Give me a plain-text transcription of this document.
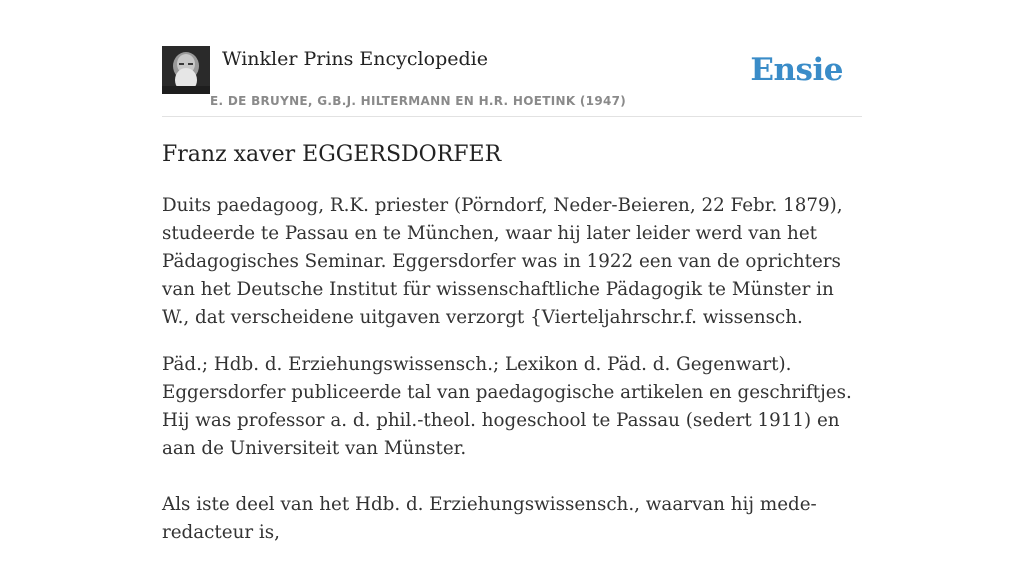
Winkler Prins Encyclopedie
E. DE BRUYNE, G.B.J. HILTERMANN EN H.R. HOETINK (1947)
Ensie
Franz xaver EGGERSDORFER

Duits paedagoog, R.K. priester (Pörndorf, Neder-Beieren, 22 Febr. 1879), studeerde te Passau en te München, waar hij later leider werd van het Pädagogisches Seminar. Eggersdorfer was in 1922 een van de oprichters van het Deutsche Institut für wissenschaftliche Pädagogik te Münster in W., dat verscheidene uitgaven verzorgt {Vierteljahrschr.f. wissensch.

Päd.; Hdb. d. Erziehungswissensch.; Lexikon d. Päd. d. Gegenwart). Eggersdorfer publiceerde tal van paedagogische artikelen en geschriftjes. Hij was professor a. d. phil.-theol. hogeschool te Passau (sedert 1911) en aan de Universiteit van Münster.

Als iste deel van het Hdb. d. Erziehungswissensch., waarvan hij mede-redacteur is,
